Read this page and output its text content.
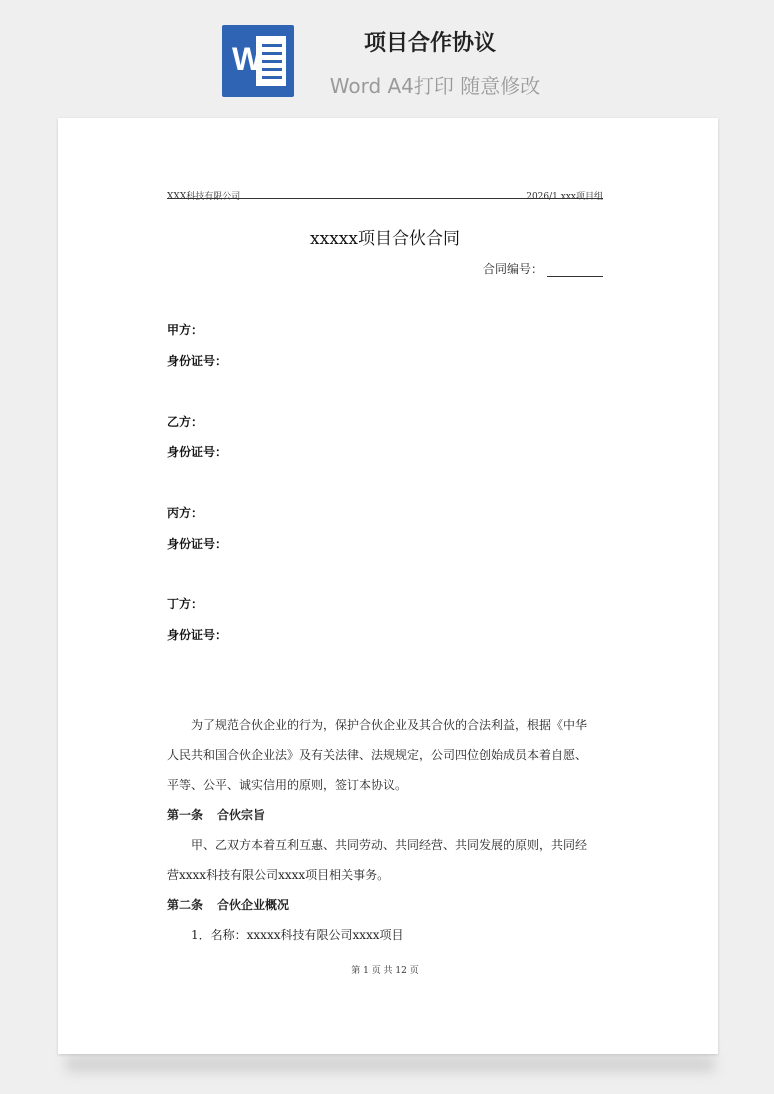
W	项目合作协议
Word A4打印 随意修改
XXX科技有限公司	2026/1 xxx项目组
xxxxx项目合伙合同
合同编号：
甲方：
身份证号：
乙方：
身份证号：
丙方：
身份证号：
丁方：
身份证号：
为了规范合伙企业的行为，保护合伙企业及其合伙的合法利益，根据《中华人民共和国合伙企业法》及有关法律、法规规定，公司四位创始成员本着自愿、平等、公平、诚实信用的原则，签订本协议。
第一条 合伙宗旨
甲、乙双方本着互利互惠、共同劳动、共同经营、共同发展的原则，共同经营xxxx科技有限公司xxxx项目相关事务。
第二条 合伙企业概况
1．名称：xxxxx科技有限公司xxxx项目
第 1 页 共 12 页
